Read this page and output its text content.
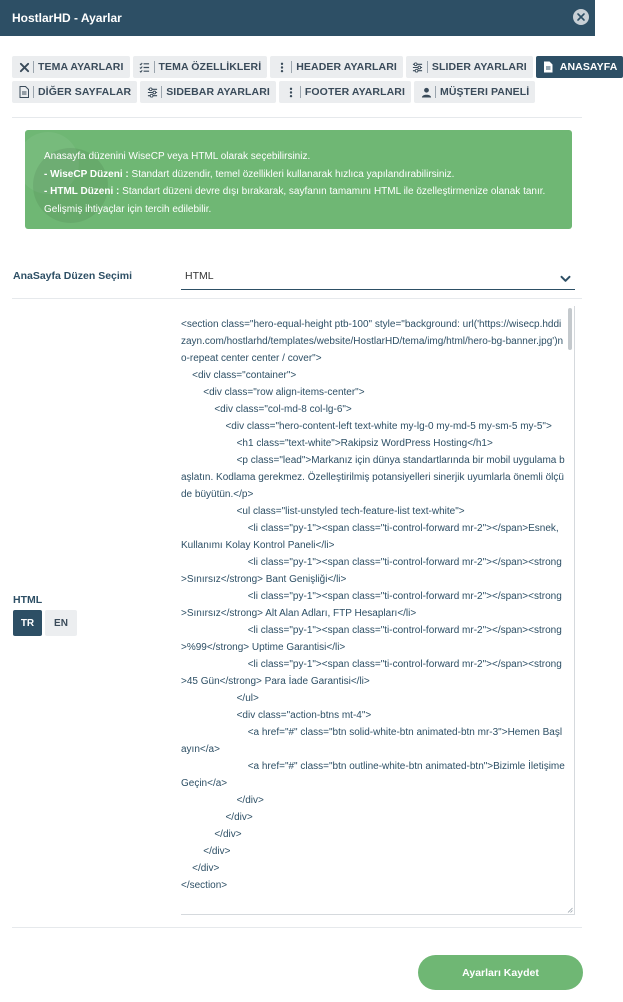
HostlarHD - Ayarlar
TEMA AYARLARI	TEMA ÖZELLİKLERİ	HEADER AYARLARI	SLIDER AYARLARI	ANASAYFA
DİĞER SAYFALAR	SIDEBAR AYARLARI	FOOTER AYARLARI	MÜŞTERI PANELİ

Anasayfa düzenini WiseCP veya HTML olarak seçebilirsiniz.

- WiseCP Düzeni : Standart düzendir, temel özellikleri kullanarak hızlıca yapılandırabilirsiniz.

- HTML Düzeni : Standart düzeni devre dışı bırakarak, sayfanın tamamını HTML ile özelleştirmenize olanak tanır. Gelişmiş ihtiyaçlar için tercih edilebilir.

AnaSayfa Düzen Seçimi	HTML
HTML
TR	EN
<section class="hero-equal-height ptb-100" style="background: url('https://wisecp.hddizayn.com/hostlarhd/templates/website/HostlarHD/tema/img/html/hero-bg-banner.jpg')no-repeat center center / cover">
<div class="container">
<div class="row align-items-center">
<div class="col-md-8 col-lg-6">
<div class="hero-content-left text-white my-lg-0 my-md-5 my-sm-5 my-5">
<h1 class="text-white">Rakipsiz WordPress Hosting</h1>
<p class="lead">Markanız için dünya standartlarında bir mobil uygulama başlatın. Kodlama gerekmez. Özelleştirilmiş potansiyelleri sinerjik uyumlarla önemli ölçüde büyütün.</p>
<ul class="list-unstyled tech-feature-list text-white">
<li class="py-1"><span class="ti-control-forward mr-2"></span>Esnek, Kullanımı Kolay Kontrol Paneli</li>
<li class="py-1"><span class="ti-control-forward mr-2"></span><strong>Sınırsız</strong> Bant Genişliği</li>
<li class="py-1"><span class="ti-control-forward mr-2"></span><strong>Sınırsız</strong> Alt Alan Adları, FTP Hesapları</li>
<li class="py-1"><span class="ti-control-forward mr-2"></span><strong>%99</strong> Uptime Garantisi</li>
<li class="py-1"><span class="ti-control-forward mr-2"></span><strong>45 Gün</strong> Para İade Garantisi</li>
</ul>
<div class="action-btns mt-4">
<a href="#" class="btn solid-white-btn animated-btn mr-3">Hemen Başlayın</a>
<a href="#" class="btn outline-white-btn animated-btn">Bizimle İletişime Geçin</a>
</div>
</div>
</div>
</div>
</div>
</section>
Ayarları Kaydet
